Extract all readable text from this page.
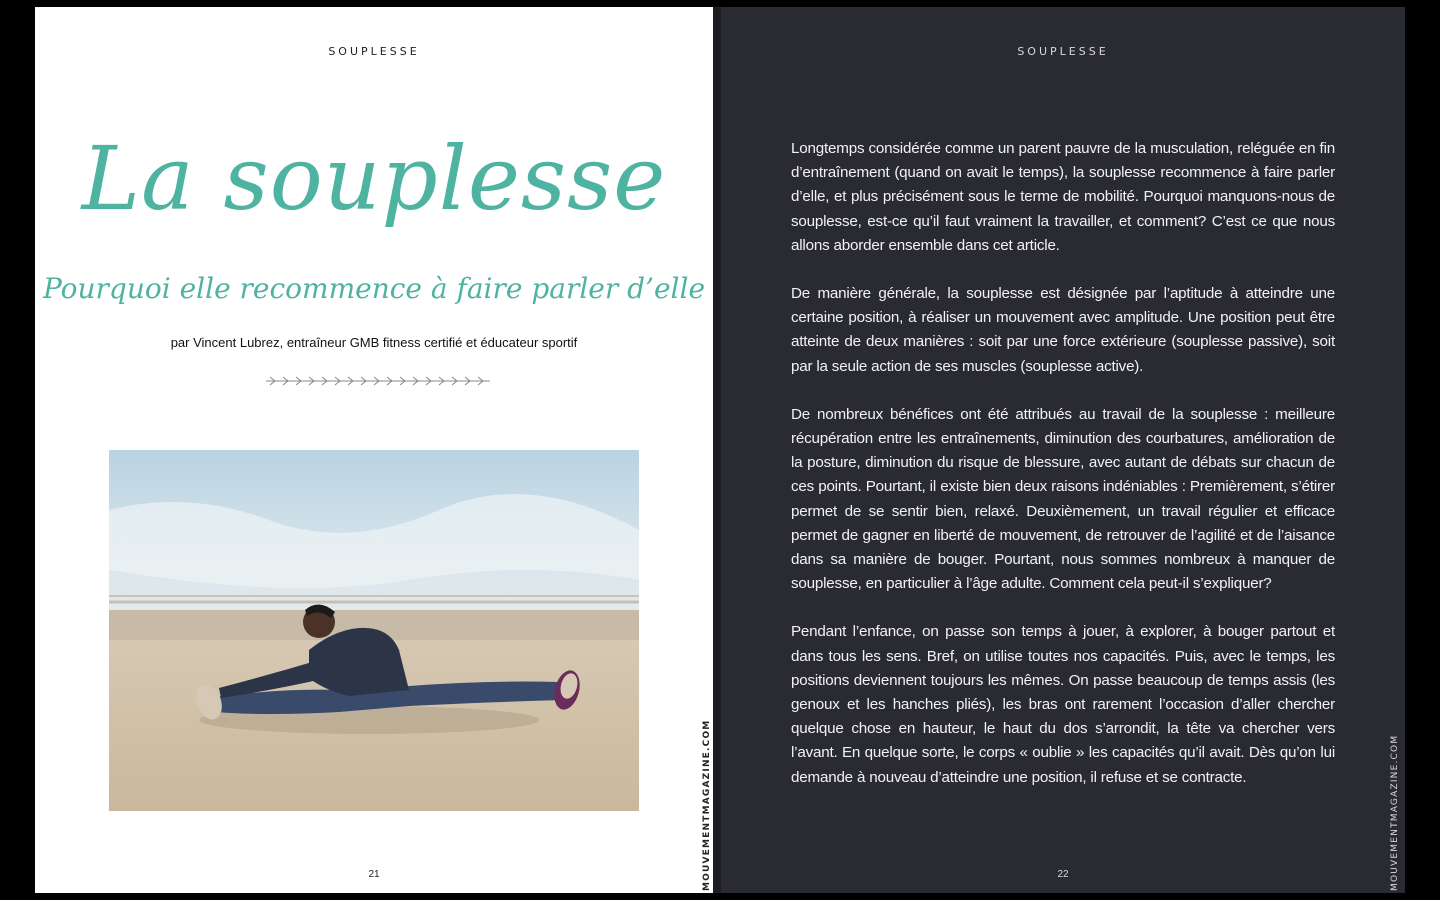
SOUPLESSE
La souplesse
Pourquoi elle recommence à faire parler d’elle
par Vincent Lubrez, entraîneur GMB fitness certifié et éducateur sportif
21	MOUVEMENTMAGAZINE.COM
SOUPLESSE

Longtemps considérée comme un parent pauvre de la musculation, reléguée en fin d’entraînement (quand on avait le temps), la souplesse recommence à faire parler d’elle, et plus précisément sous le terme de mobilité. Pourquoi manquons-nous de souplesse, est-ce qu’il faut vraiment la travailler, et comment? C’est ce que nous allons aborder ensemble dans cet article.

De manière générale, la souplesse est désignée par l’aptitude à atteindre une certaine position, à réaliser un mouvement avec amplitude. Une position peut être atteinte de deux manières : soit par une force extérieure (souplesse passive), soit par la seule action de ses muscles (souplesse active).

De nombreux bénéfices ont été attribués au travail de la souplesse : meilleure récupération entre les entraînements, diminution des courbatures, amélioration de la posture, diminution du risque de blessure, avec autant de débats sur chacun de ces points. Pourtant, il existe bien deux raisons indéniables : Premièrement, s’étirer permet de se sentir bien, relaxé. Deuxièmement, un travail régulier et efficace permet de gagner en liberté de mouvement, de retrouver de l’agilité et de l’aisance dans sa manière de bouger. Pourtant, nous sommes nombreux à manquer de souplesse, en particulier à l’âge adulte. Comment cela peut-il s’expliquer?

Pendant l’enfance, on passe son temps à jouer, à explorer, à bouger partout et dans tous les sens. Bref, on utilise toutes nos capacités. Puis, avec le temps, les positions deviennent toujours les mêmes. On passe beaucoup de temps assis (les genoux et les hanches pliés), les bras ont rarement l’occasion d’aller chercher quelque chose en hauteur, le haut du dos s’arrondit, la tête va chercher vers l’avant. En quelque sorte, le corps « oublie » les capacités qu’il avait. Dès qu’on lui demande à nouveau d’atteindre une position, il refuse et se contracte.

22	MOUVEMENTMAGAZINE.COM
